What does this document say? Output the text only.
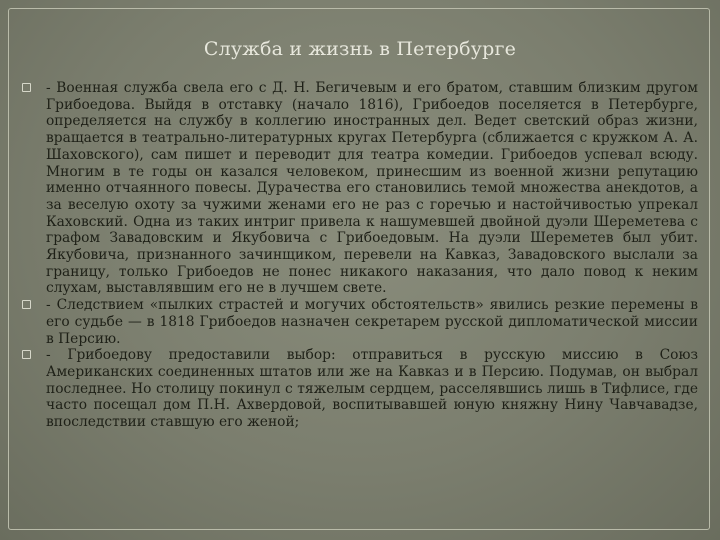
Служба и жизнь в Петербурге
- Военная служба свела его с Д. Н. Бегичевым и его братом, ставшим близким другом Грибоедова. Выйдя в отставку (начало 1816), Грибоедов поселяется в Петербурге, определяется на службу в коллегию иностранных дел. Ведет светский образ жизни, вращается в театрально-литературных кругах Петербурга (сближается с кружком А. А. Шаховского), сам пишет и переводит для театра комедии. Грибоедов успевал всюду. Многим в те годы он казался человеком, принесшим из военной жизни репутацию именно отчаянного повесы. Дурачества его становились темой множества анекдотов, а за веселую охоту за чужими женами его не раз с горечью и настойчивостью упрекал Каховский. Одна из таких интриг привела к нашумевшей двойной дуэли Шереметева с графом Завадовским и Якубовича с Грибоедовым. На дуэли Шереметев был убит. Якубовича, признанного зачинщиком, перевели на Кавказ, Завадовского выслали за границу, только Грибоедов не понес никакого наказания, что дало повод к неким слухам, выставлявшим его не в лучшем свете.
- Следствием «пылких страстей и могучих обстоятельств» явились резкие перемены в его судьбе — в 1818 Грибоедов назначен секретарем русской дипломатической миссии в Персию.
- Грибоедову предоставили выбор: отправиться в русскую миссию в Союз Американских соединенных штатов или же на Кавказ и в Персию. Подумав, он выбрал последнее. Но столицу покинул с тяжелым сердцем, расселявшись лишь в Тифлисе, где часто посещал дом П.Н. Ахвердовой, воспитывавшей юную княжну Нину Чавчавадзе, впоследствии ставшую его женой;
